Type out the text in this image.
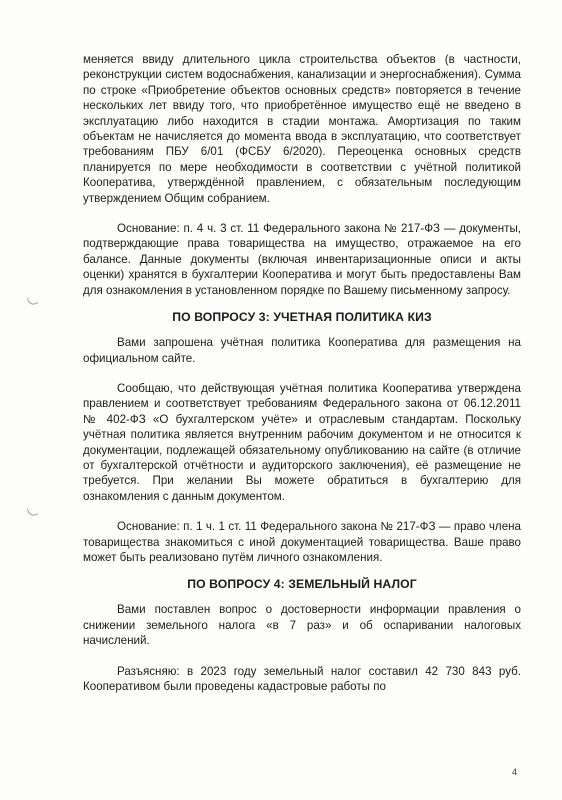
меняется ввиду длительного цикла строительства объектов (в частности, реконструкции систем водоснабжения, канализации и энергоснабжения). Сумма по строке «Приобретение объектов основных средств» повторяется в течение нескольких лет ввиду того, что приобретённое имущество ещё не введено в эксплуатацию либо находится в стадии монтажа. Амортизация по таким объектам не начисляется до момента ввода в эксплуатацию, что соответствует требованиям ПБУ 6/01 (ФСБУ 6/2020). Переоценка основных средств планируется по мере необходимости в соответствии с учётной политикой Кооператива, утверждённой правлением, с обязательным последующим утверждением Общим собранием.

Основание: п. 4 ч. 3 ст. 11 Федерального закона № 217-ФЗ — документы, подтверждающие права товарищества на имущество, отражаемое на его балансе. Данные документы (включая инвентаризационные описи и акты оценки) хранятся в бухгалтерии Кооператива и могут быть предоставлены Вам для ознакомления в установленном порядке по Вашему письменному запросу.

ПО ВОПРОСУ 3: УЧЕТНАЯ ПОЛИТИКА КИЗ

Вами запрошена учётная политика Кооператива для размещения на официальном сайте.

Сообщаю, что действующая учётная политика Кооператива утверждена правлением и соответствует требованиям Федерального закона от 06.12.2011 № 402-ФЗ «О бухгалтерском учёте» и отраслевым стандартам. Поскольку учётная политика является внутренним рабочим документом и не относится к документации, подлежащей обязательному опубликованию на сайте (в отличие от бухгалтерской отчётности и аудиторского заключения), её размещение не требуется. При желании Вы можете обратиться в бухгалтерию для ознакомления с данным документом.

Основание: п. 1 ч. 1 ст. 11 Федерального закона № 217-ФЗ — право члена товарищества знакомиться с иной документацией товарищества. Ваше право может быть реализовано путём личного ознакомления.

ПО ВОПРОСУ 4: ЗЕМЕЛЬНЫЙ НАЛОГ

Вами поставлен вопрос о достоверности информации правления о снижении земельного налога «в 7 раз» и об оспаривании налоговых начислений.

Разъясняю: в 2023 году земельный налог составил 42 730 843 руб. Кооперативом были проведены кадастровые работы по

4
